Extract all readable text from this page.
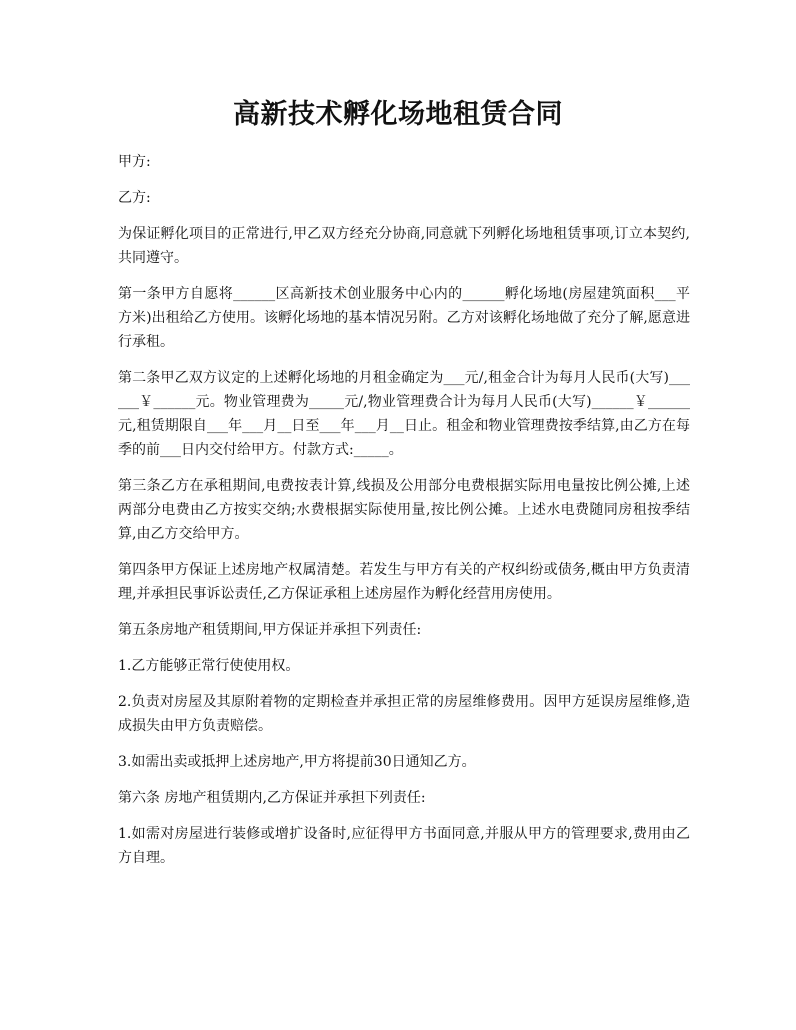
高新技术孵化场地租赁合同

甲方:

乙方:

为保证孵化项目的正常进行,甲乙双方经充分协商,同意就下列孵化场地租赁事项,订立本契约,共同遵守。

第一条甲方自愿将______区高新技术创业服务中心内的______孵化场地(房屋建筑面积___平方米)出租给乙方使用。该孵化场地的基本情况另附。乙方对该孵化场地做了充分了解,愿意进行承租。

第二条甲乙双方议定的上述孵化场地的月租金确定为___元/,租金合计为每月人民币(大写)______￥______元。物业管理费为_____元/,物业管理费合计为每月人民币(大写)______￥______元,租赁期限自___年___月__日至___年___月__日止。租金和物业管理费按季结算,由乙方在每季的前___日内交付给甲方。付款方式:_____。

第三条乙方在承租期间,电费按表计算,线损及公用部分电费根据实际用电量按比例公摊,上述两部分电费由乙方按实交纳;水费根据实际使用量,按比例公摊。上述水电费随同房租按季结算,由乙方交给甲方。

第四条甲方保证上述房地产权属清楚。若发生与甲方有关的产权纠纷或债务,概由甲方负责清理,并承担民事诉讼责任,乙方保证承租上述房屋作为孵化经营用房使用。

第五条房地产租赁期间,甲方保证并承担下列责任:

1.乙方能够正常行使使用权。

2.负责对房屋及其原附着物的定期检查并承担正常的房屋维修费用。因甲方延误房屋维修,造成损失由甲方负责赔偿。

3.如需出卖或抵押上述房地产,甲方将提前30日通知乙方。

第六条 房地产租赁期内,乙方保证并承担下列责任:

1.如需对房屋进行装修或增扩设备时,应征得甲方书面同意,并服从甲方的管理要求,费用由乙方自理。
